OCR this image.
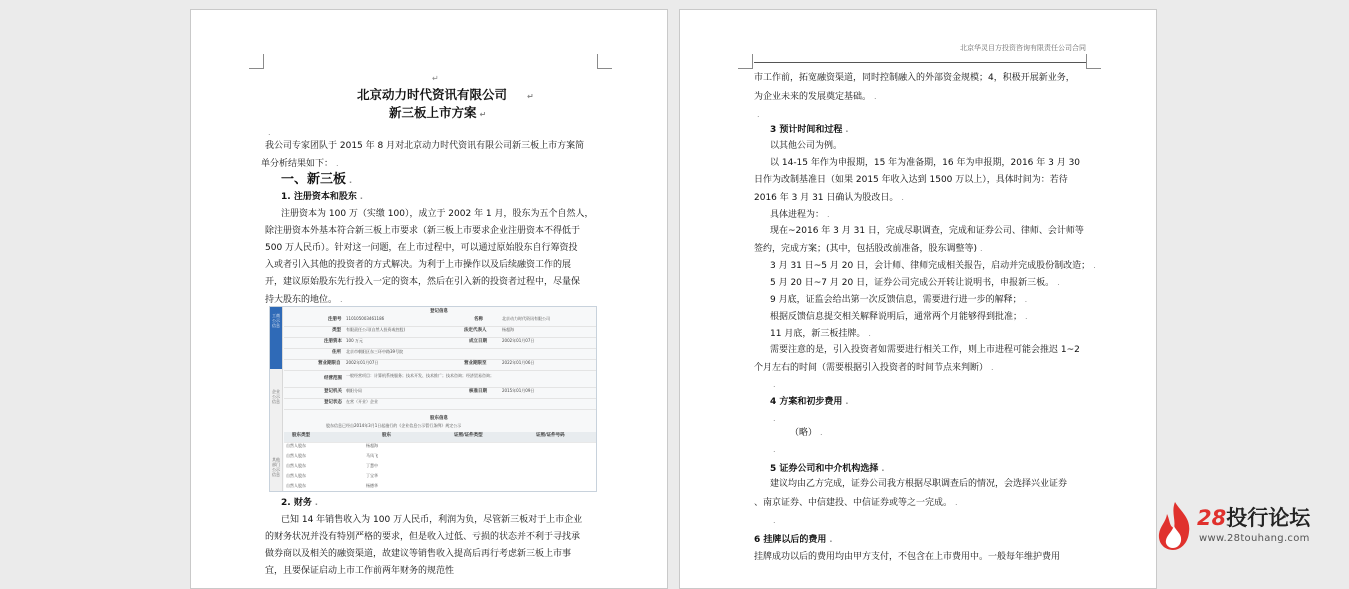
↵
北京动力时代资讯有限公司	↵
新三板上市方案 ↵
.
我公司专家团队于 2015 年 8 月对北京动力时代资讯有限公司新三板上市方案简
单分析结果如下： .
一、新三板 .
1. 注册资本和股东 .
注册资本为 100 万（实缴 100），成立于 2002 年 1 月，股东为五个自然人，
除注册资本外基本符合新三板上市要求（新三板上市要求企业注册资本不得低于
500 万人民币）。针对这一问题，在上市过程中，可以通过原始股东自行筹资投
入或者引入其他的投资者的方式解决。为利于上市操作以及后续融资工作的展
开，建议原始股东先行投入一定的资本，然后在引入新的投资者过程中，尽量保
持大股东的地位。 .
工商公示信息
企业公示信息
其他部门公示信息
登记信息
注册号 110105003461186	名称	北京动力时代资讯有限公司
类型 有限责任公司(自然人投资或控股)	法定代表人	杨超海
注册资本 100 万元	成立日期	2002年01月07日
住所 北京市朝阳区东三环中路39号院
营业期限自 2002年01月07日	营业期限至	2022年01月06日
经营范围
一般经营项目：计算机系统服务；技术开发、技术推广；技术咨询；经济贸易咨询；
登记机关 朝阳分局	核准日期	2015年01月09日
登记状态 在营（开业）企业
股东信息
股东信息已经自2014年3月1日起施行的《企业信息公示暂行条例》规定公示
股东类型	股东	证照/证件类型	证照/证件号码
自然人股东	杨超海
自然人股东	马凤飞
自然人股东	丁慧中
自然人股东	丁宝华
自然人股东	杨德华
2. 财务 .
已知 14 年销售收入为 100 万人民币，利润为负，尽管新三板对于上市企业
的财务状况并没有特别严格的要求，但是收入过低、亏损的状态并不利于寻找承
做券商以及相关的融资渠道，故建议等销售收入提高后再行考虑新三板上市事
宜，且要保证启动上市工作前两年财务的规范性
北京华灵目方投资咨询有限责任公司合同
市工作前，拓宽融资渠道，同时控制融入的外部资金规模；4，积极开展新业务，
为企业未来的发展奠定基础。 .
.
3 预计时间和过程 .
以其他公司为例。
以 14-15 年作为申报期，15 年为准备期，16 年为申报期，2016 年 3 月 30
日作为改制基准日（如果 2015 年收入达到 1500 万以上），具体时间为：若待
2016 年 3 月 31 日确认为股改日。 .
具体进程为： .
现在~2016 年 3 月 31 日，完成尽职调查，完成和证券公司、律师、会计师等
签约，完成方案；(其中，包括股改前准备，股东调整等) .
3 月 31 日~5 月 20 日，会计师、律师完成相关报告，启动并完成股份制改造； .
5 月 20 日~7 月 20 日，证券公司完成公开转让说明书，申报新三板。 .
9 月底，证监会给出第一次反馈信息，需要进行进一步的解释； .
根据反馈信息提交相关解释说明后，通常两个月能够得到批准； .
11 月底，新三板挂牌。 .
需要注意的是，引入投资者如需要进行相关工作，则上市进程可能会推迟 1~2
个月左右的时间（需要根据引入投资者的时间节点来判断） .
.
4 方案和初步费用 .
.
（略） .
.
5 证券公司和中介机构选择 .
建议均由乙方完成，证券公司我方根据尽职调查后的情况，会选择兴业证券
、南京证券、中信建投、中信证券或等之一完成。 .
.
6 挂牌以后的费用 .
挂牌成功以后的费用均由甲方支付，不包含在上市费用中。一般每年维护费用
28投行论坛
www.28touhang.com
